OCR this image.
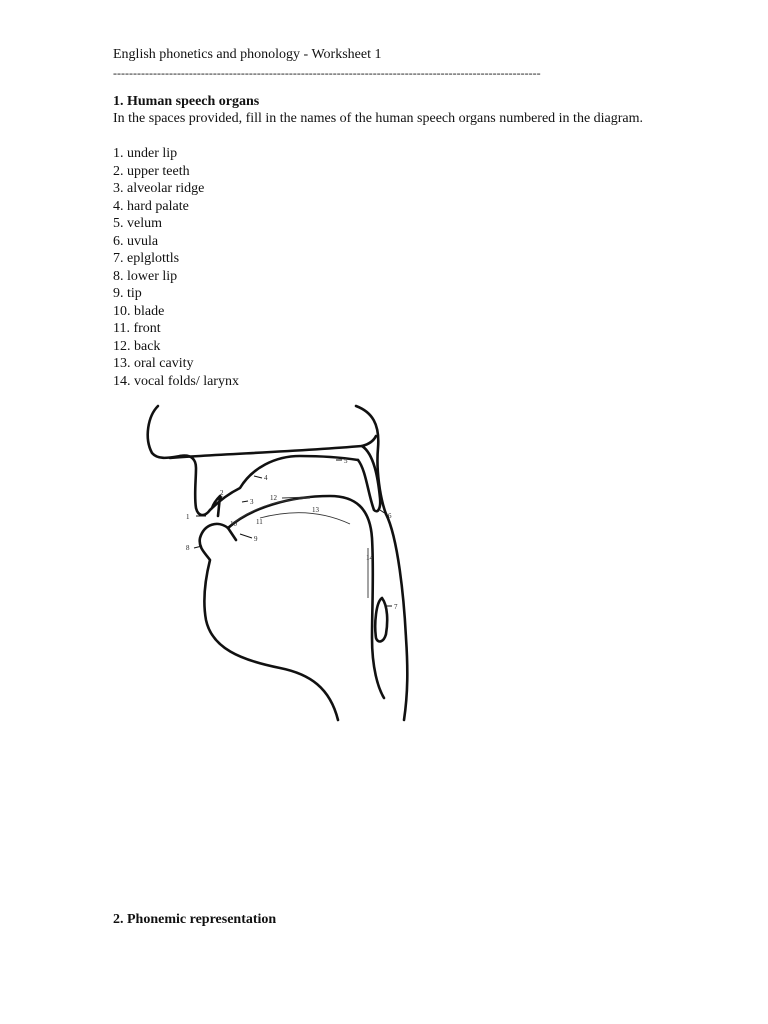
English phonetics and phonology - Worksheet 1
-----------------------------------------------------------------------------------------------------------
1. Human speech organs
In the spaces provided, fill in the names of the human speech organs numbered in the diagram.
1. under lip
2. upper teeth
3. alveolar ridge
4. hard palate
5. velum
6. uvula
7. eplglottls
8. lower lip
9. tip
10. blade
11. front
12. back
13. oral cavity
14. vocal folds/ larynx
1
2
3
4
5
6
7
8
9
10	11
12
13
14
2. Phonemic representation
